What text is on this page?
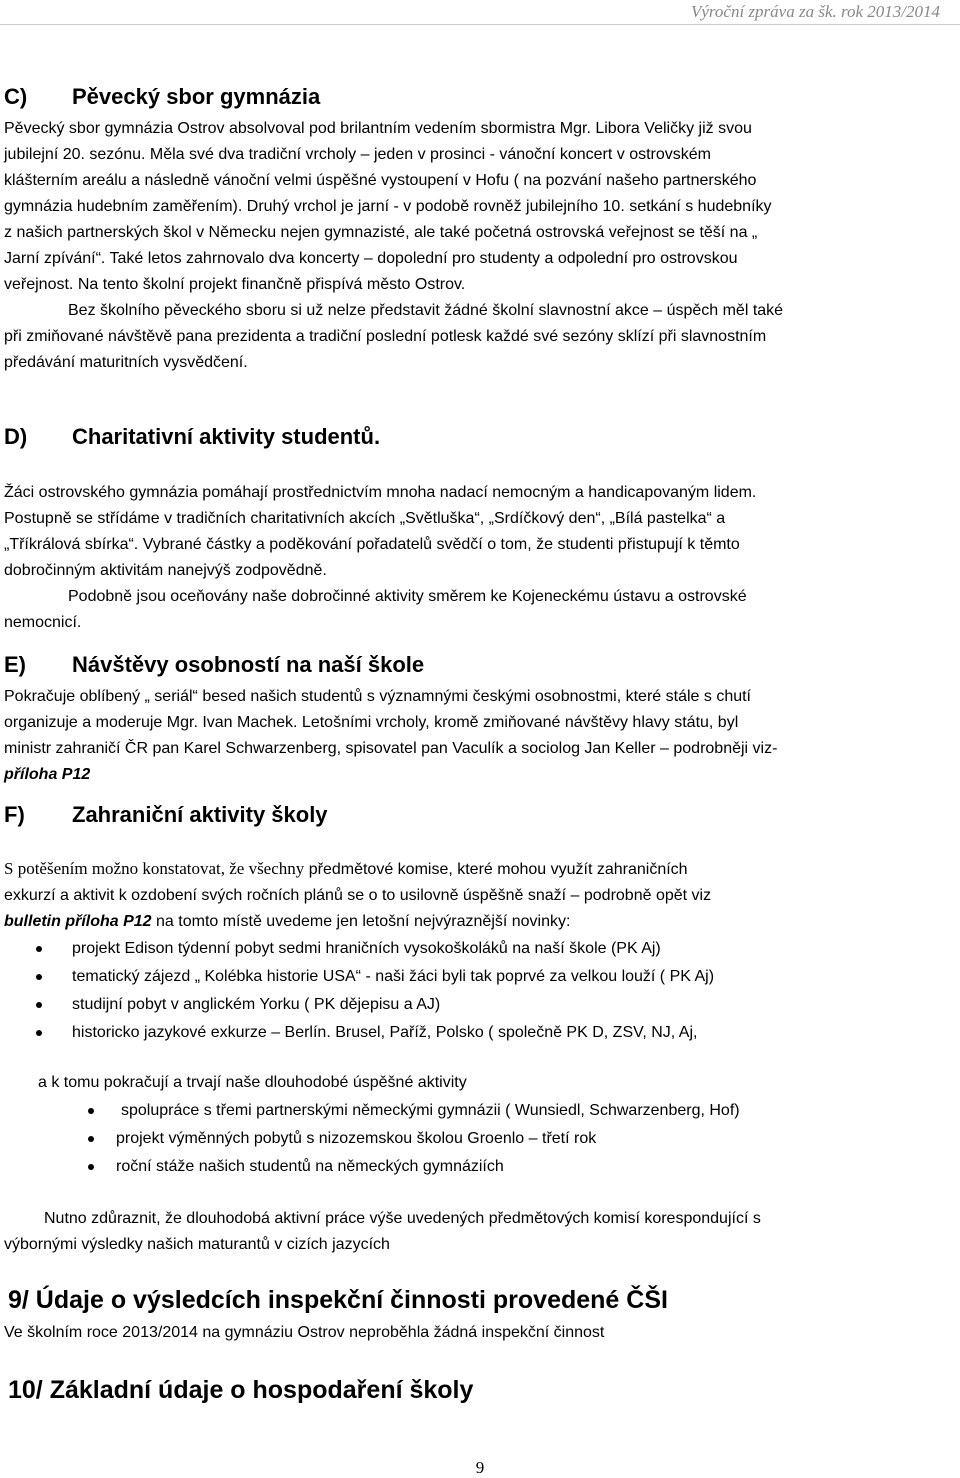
Výroční zpráva za šk. rok 2013/2014
C) Pěvecký sbor gymnázia
Pěvecký sbor gymnázia Ostrov absolvoval pod brilantním vedením sbormistra Mgr. Libora Veličky již svou
jubilejní 20. sezónu. Měla své dva tradiční vrcholy – jeden v prosinci - vánoční koncert v ostrovském
klášterním areálu a následně vánoční velmi úspěšné vystoupení v Hofu ( na pozvání našeho partnerského
gymnázia hudebním zaměřením). Druhý vrchol je jarní - v podobě rovněž jubilejního 10. setkání s hudebníky
z našich partnerských škol v Německu nejen gymnazisté, ale také početná ostrovská veřejnost se těší na „
Jarní zpívání“. Také letos zahrnovalo dva koncerty – dopolední pro studenty a odpolední pro ostrovskou
veřejnost. Na tento školní projekt finančně přispívá město Ostrov.
Bez školního pěveckého sboru si už nelze představit žádné školní slavnostní akce – úspěch měl také
při zmiňované návštěvě pana prezidenta a tradiční poslední potlesk každé své sezóny sklízí při slavnostním
předávání maturitních vysvědčení.
D) Charitativní aktivity studentů.
Žáci ostrovského gymnázia pomáhají prostřednictvím mnoha nadací nemocným a handicapovaným lidem.
Postupně se střídáme v tradičních charitativních akcích „Světluška“, „Srdíčkový den“, „Bílá pastelka“ a
„Tříkrálová sbírka“. Vybrané částky a poděkování pořadatelů svědčí o tom, že studenti přistupují k těmto
dobročinným aktivitám nanejvýš zodpovědně.
Podobně jsou oceňovány naše dobročinné aktivity směrem ke Kojeneckému ústavu a ostrovské
nemocnicí.
E) Návštěvy osobností na naší škole
Pokračuje oblíbený „ seriál“ besed našich studentů s významnými českými osobnostmi, které stále s chutí
organizuje a moderuje Mgr. Ivan Machek. Letošními vrcholy, kromě zmiňované návštěvy hlavy státu, byl
ministr zahraničí ČR pan Karel Schwarzenberg, spisovatel pan Vaculík a sociolog Jan Keller – podrobněji viz-
příloha P12
F) Zahraniční aktivity školy
S potěšením možno konstatovat, že všechny předmětové komise, které mohou využít zahraničních
exkurzí a aktivit k ozdobení svých ročních plánů se o to usilovně úspěšně snaží – podrobně opět viz
bulletin příloha P12 na tomto místě uvedeme jen letošní nejvýraznější novinky:
projekt Edison týdenní pobyt sedmi hraničních vysokoškoláků na naší škole (PK Aj)
tematický zájezd „ Kolébka historie USA“ - naši žáci byli tak poprvé za velkou louží ( PK Aj)
studijní pobyt v anglickém Yorku ( PK dějepisu a AJ)
historicko jazykové exkurze – Berlín. Brusel, Paříž, Polsko ( společně PK D, ZSV, NJ, Aj,
a k tomu pokračují a trvají naše dlouhodobé úspěšné aktivity
spolupráce s třemi partnerskými německými gymnázii ( Wunsiedl, Schwarzenberg, Hof)
projekt výměnných pobytů s nizozemskou školou Groenlo – třetí rok
roční stáže našich studentů na německých gymnáziích
Nutno zdůraznit, že dlouhodobá aktivní práce výše uvedených předmětových komisí korespondující s
výbornými výsledky našich maturantů v cizích jazycích
9/ Údaje o výsledcích inspekční činnosti provedené ČŠI
Ve školním roce 2013/2014 na gymnáziu Ostrov neproběhla žádná inspekční činnost
10/ Základní údaje o hospodaření školy
9
